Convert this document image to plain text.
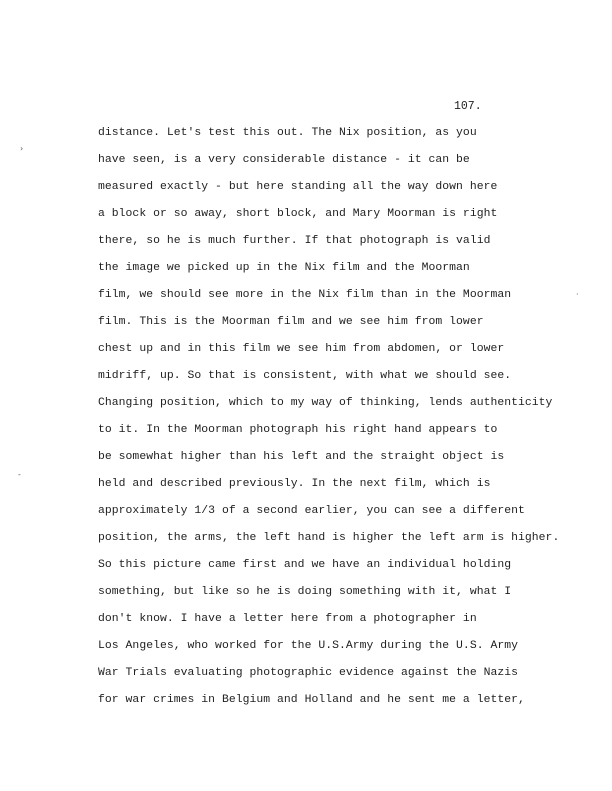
107.
distance. Let's test this out. The Nix position, as you
have seen, is a very considerable distance - it can be
measured exactly - but here standing all the way down here
a block or so away, short block, and Mary Moorman is right
there, so he is much further. If that photograph is valid
the image we picked up in the Nix film and the Moorman
film, we should see more in the Nix film than in the Moorman
film. This is the Moorman film and we see him from lower
chest up and in this film we see him from abdomen, or lower
midriff, up. So that is consistent, with what we should see.
Changing position, which to my way of thinking, lends authenticity
to it. In the Moorman photograph his right hand appears to
be somewhat higher than his left and the straight object is
held and described previously. In the next film, which is
approximately 1/3 of a second earlier, you can see a different
position, the arms, the left hand is higher the left arm is higher.
So this picture came first and we have an individual holding
something, but like so he is doing something with it, what I
don't know. I have a letter here from a photographer in
Los Angeles, who worked for the U.S.Army during the U.S. Army
War Trials evaluating photographic evidence against the Nazis
for war crimes in Belgium and Holland and he sent me a letter,
›
·
-
